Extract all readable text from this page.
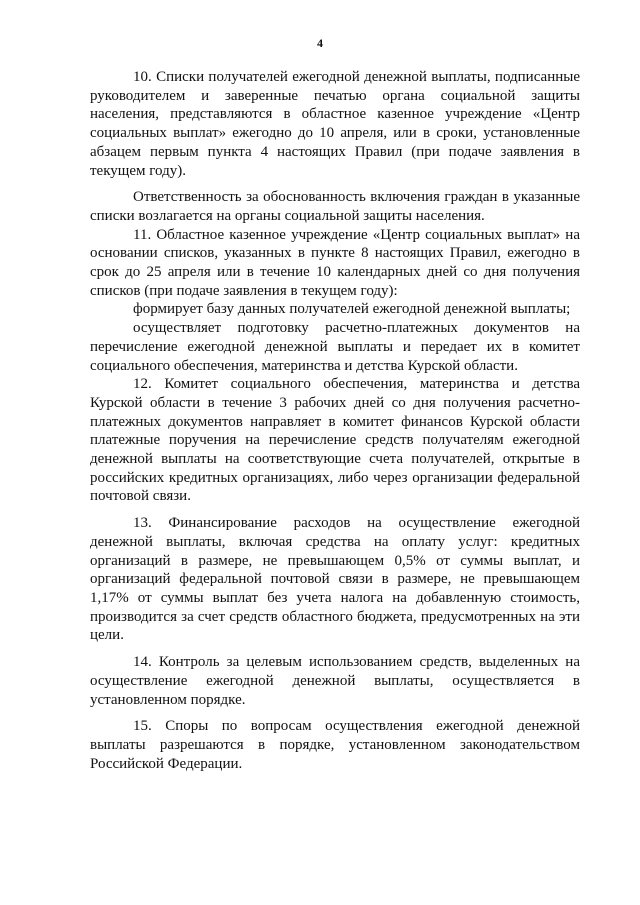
4

10. Списки получателей ежегодной денежной выплаты, подписанные руководителем и заверенные печатью органа социальной защиты населения, представляются в областное казенное учреждение «Центр социальных выплат» ежегодно до 10 апреля, или в сроки, установленные абзацем первым пункта 4 настоящих Правил (при подаче заявления в текущем году).

Ответственность за обоснованность включения граждан в указанные списки возлагается на органы социальной защиты населения.

11. Областное казенное учреждение «Центр социальных выплат» на основании списков, указанных в пункте 8 настоящих Правил, ежегодно в срок до 25 апреля или в течение 10 календарных дней со дня получения списков (при подаче заявления в текущем году):

формирует базу данных получателей ежегодной денежной выплаты;

осуществляет подготовку расчетно-платежных документов на перечисление ежегодной денежной выплаты и передает их в комитет социального обеспечения, материнства и детства Курской области.

12. Комитет социального обеспечения, материнства и детства Курской области в течение 3 рабочих дней со дня получения расчетно-платежных документов направляет в комитет финансов Курской области платежные поручения на перечисление средств получателям ежегодной денежной выплаты на соответствующие счета получателей, открытые в российских кредитных организациях, либо через организации федеральной почтовой связи.

13. Финансирование расходов на осуществление ежегодной денежной выплаты, включая средства на оплату услуг: кредитных организаций в размере, не превышающем 0,5% от суммы выплат, и организаций федеральной почтовой связи в размере, не превышающем 1,17% от суммы выплат без учета налога на добавленную стоимость, производится за счет средств областного бюджета, предусмотренных на эти цели.

14. Контроль за целевым использованием средств, выделенных на осуществление ежегодной денежной выплаты, осуществляется в установленном порядке.

15. Споры по вопросам осуществления ежегодной денежной выплаты разрешаются в порядке, установленном законодательством Российской Федерации.
